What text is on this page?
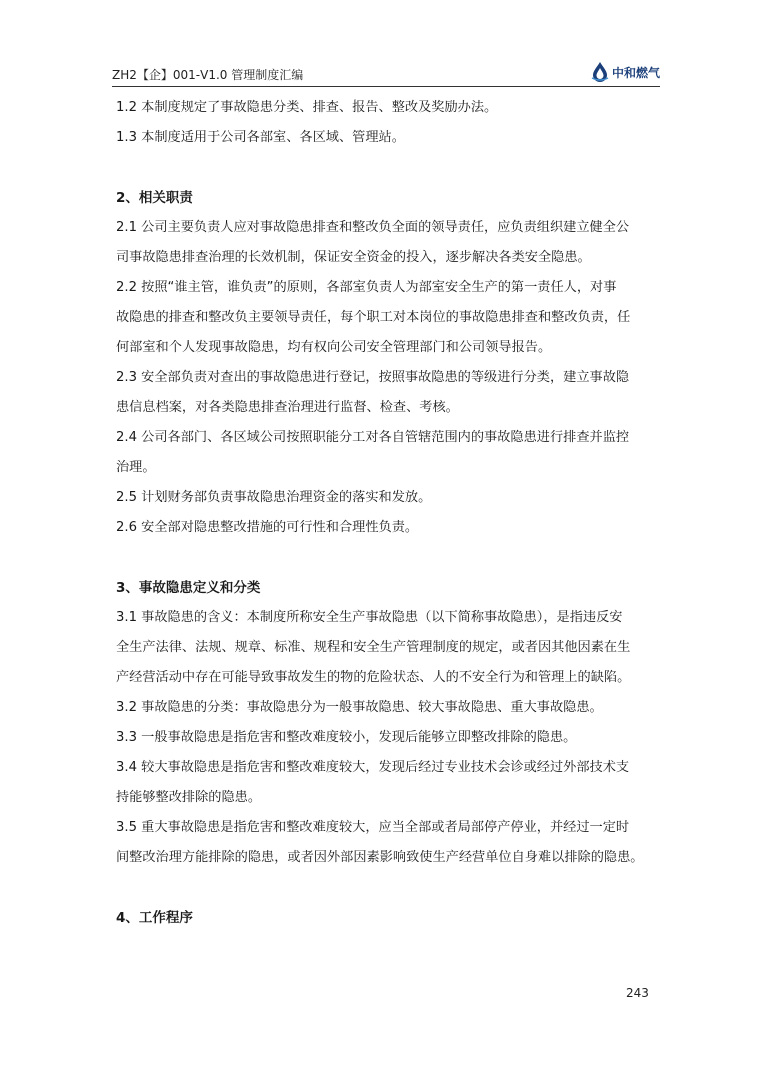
ZH2【企】001-V1.0 管理制度汇编	中和燃气
1.2 本制度规定了事故隐患分类、排查、报告、整改及奖励办法。
1.3 本制度适用于公司各部室、各区域、管理站。
2、相关职责
2.1 公司主要负责人应对事故隐患排查和整改负全面的领导责任，应负责组织建立健全公
司事故隐患排查治理的长效机制，保证安全资金的投入，逐步解决各类安全隐患。
2.2 按照“谁主管，谁负责”的原则，各部室负责人为部室安全生产的第一责任人，对事
故隐患的排查和整改负主要领导责任，每个职工对本岗位的事故隐患排查和整改负责，任
何部室和个人发现事故隐患，均有权向公司安全管理部门和公司领导报告。
2.3 安全部负责对查出的事故隐患进行登记，按照事故隐患的等级进行分类，建立事故隐
患信息档案，对各类隐患排查治理进行监督、检查、考核。
2.4 公司各部门、各区域公司按照职能分工对各自管辖范围内的事故隐患进行排查并监控
治理。
2.5 计划财务部负责事故隐患治理资金的落实和发放。
2.6 安全部对隐患整改措施的可行性和合理性负责。
3、事故隐患定义和分类
3.1 事故隐患的含义：本制度所称安全生产事故隐患（以下简称事故隐患），是指违反安
全生产法律、法规、规章、标准、规程和安全生产管理制度的规定，或者因其他因素在生
产经营活动中存在可能导致事故发生的物的危险状态、人的不安全行为和管理上的缺陷。
3.2 事故隐患的分类：事故隐患分为一般事故隐患、较大事故隐患、重大事故隐患。
3.3 一般事故隐患是指危害和整改难度较小，发现后能够立即整改排除的隐患。
3.4 较大事故隐患是指危害和整改难度较大，发现后经过专业技术会诊或经过外部技术支
持能够整改排除的隐患。
3.5 重大事故隐患是指危害和整改难度较大，应当全部或者局部停产停业，并经过一定时
间整改治理方能排除的隐患，或者因外部因素影响致使生产经营单位自身难以排除的隐患。
4、工作程序
243
